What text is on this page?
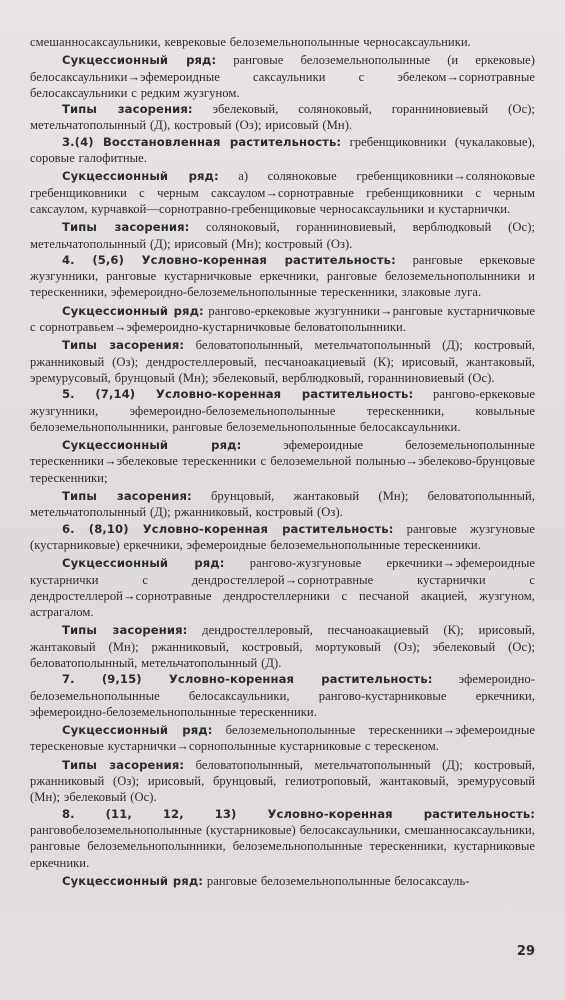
смешанносаксаульники, кеврековые белоземельнополынные черносаксаульники.

Сукцессионный ряд: ранговые белоземельнополынные (и еркековые) белосаксаульники→эфемероидные саксаульники с эбелеком→сорнотравные белосаксаульники с редким жузгуном.

Типы засорения: эбелековый, соляноковый, горанниновиевый (Ос); метельчатополынный (Д), костровый (Оз); ирисовый (Мн).

3.(4) Восстановленная растительность: гребенщиковники (чукалаковые), соровые галофитные.

Сукцессионный ряд: а) соляноковые гребенщиковники→соляноковые гребенщиковники с черным саксаулом→сорнотравные гребенщиковники с черным саксаулом, курчавкой—сорнотравно-гребенщиковые черносаксаульники и кустарнички.

Типы засорения: соляноковый, горанниновиевый, верблюдковый (Ос); метельчатополынный (Д); ирисовый (Мн); костровый (Оз).

4. (5,6) Условно-коренная растительность: ранговые еркековые жузгунники, ранговые кустарничковые еркечники, ранговые белоземельнополынники и терескенники, эфемероидно-белоземельнополынные терескенники, злаковые луга.

Сукцессионный ряд: рангово-еркековые жузгунники→ранговые кустарничковые с сорнотравьем→эфемероидно-кустарничковые беловатополынники.

Типы засорения: беловатополынный, метельчатополынный (Д); костровый, ржанниковый (Оз); дендростеллеровый, песчаноакациевый (К); ирисовый, жантаковый, эремурусовый, брунцовый (Мн); эбелековый, верблюдковый, горанниновиевый (Ос).

5. (7,14) Условно-коренная растительность: рангово-еркековые жузгунники, эфемероидно-белоземельнополынные терескенники, ковыльные белоземельнополынники, ранговые белоземельнополынные белосаксаульники.

Сукцессионный ряд: эфемероидные белоземельнополынные терескенники→эбелековые терескенники с белоземельной полынью→эбелеково-брунцовые терескенники;

Типы засорения: брунцовый, жантаковый (Мн); беловатополынный, метельчатополынный (Д); ржанниковый, костровый (Оз).

6. (8,10) Условно-коренная растительность: ранговые жузгуновые (кустарниковые) еркечники, эфемероидные белоземельнополынные терескенники.

Сукцессионный ряд: рангово-жузгуновые еркечники→эфемероидные кустарнички с дендростеллерой→сорнотравные кустарнички с дендростеллерой→сорнотравные дендростеллерники с песчаной акацией, жузгуном, астрагалом.

Типы засорения: дендростеллеровый, песчаноакациевый (К); ирисовый, жантаковый (Мн); ржанниковый, костровый, мортуковый (Оз); эбелековый (Ос); беловатополынный, метельчатополынный (Д).

7. (9,15) Условно-коренная растительность: эфемероидно-белоземельнополынные белосаксаульники, рангово-кустарниковые еркечники, эфемероидно-белоземельнополынные терескенники.

Сукцессионный ряд: белоземельнополынные терескенники→эфемероидные терескеновые кустарнички→сорнополынные кустарниковые с терескеном.

Типы засорения: беловатополынный, метельчатополынный (Д); костровый, ржанниковый (Оз); ирисовый, брунцовый, гелиотроповый, жантаковый, эремурусовый (Мн); эбелековый (Ос).

8. (11, 12, 13) Условно-коренная растительность: ранговобелоземельнополынные (кустарниковые) белосаксаульники, смешанносаксаульники, ранговые белоземельнополынники, белоземельнополынные терескенники, кустарниковые еркечники.

Сукцессионный ряд: ранговые белоземельнополынные белосаксауль-

29
